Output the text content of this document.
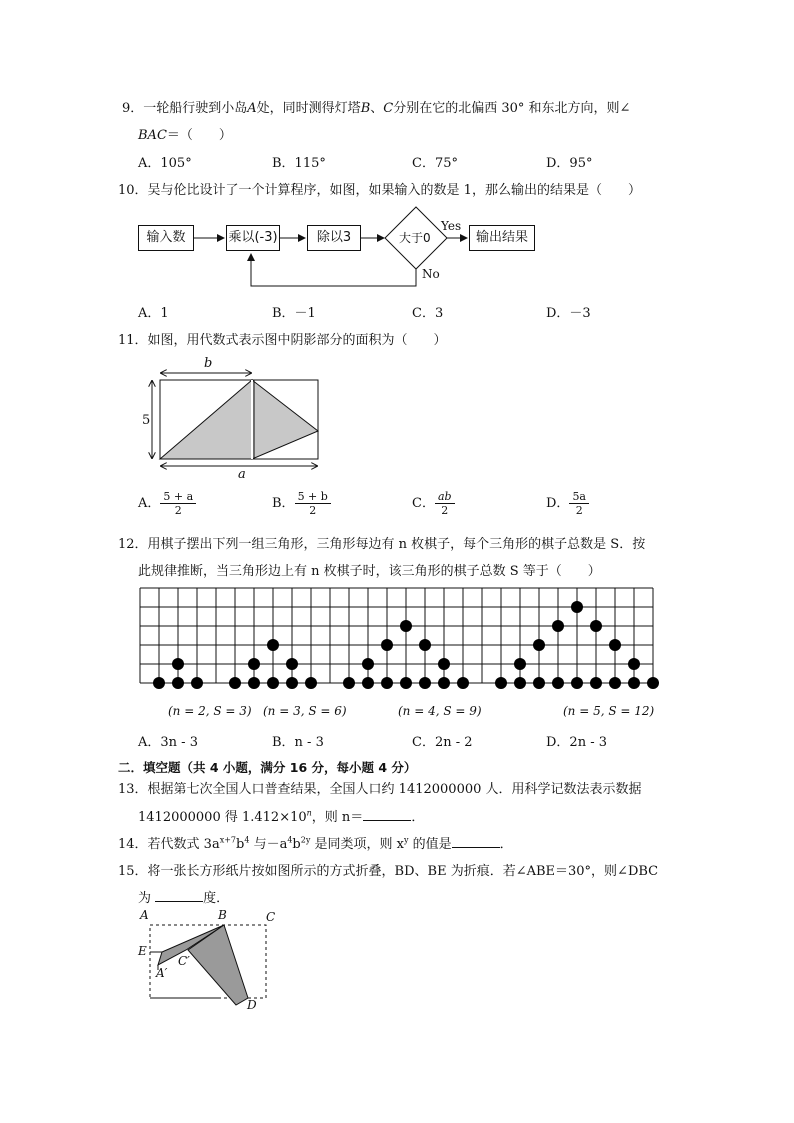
9．一轮船行驶到小岛A处，同时测得灯塔B、C分别在它的北偏西 30° 和东北方向，则∠
BAC＝（　　）
A．105°	B．115°	C．75°	D．95°
10．吴与伦比设计了一个计算程序，如图，如果输入的数是 1，那么输出的结果是（　　）
输入数	乘以(-3)	除以3	大于0	输出结果
Yes
No
A．1	B．－1	C．3	D．－3
11．如图，用代数式表示图中阴影部分的面积为（　　）
b
5
a
A． $\frac{5 + a}{2}$	B． $\frac{5 + b}{2}$	C． $\frac{ab}{2}$	D． $\frac{5a}{2}$
12．用棋子摆出下列一组三角形，三角形每边有 n 枚棋子，每个三角形的棋子总数是 S．按
此规律推断，当三角形边上有 n 枚棋子时，该三角形的棋子总数 S 等于（　　）
(n = 2, S = 3) (n = 3, S = 6)	(n = 4, S = 9)	(n = 5, S = 12)
A．3n - 3	B．n - 3	C．2n - 2	D．2n - 3
二．填空题（共 4 小题，满分 16 分，每小题 4 分）
13．根据第七次全国人口普查结果，全国人口约 1412000000 人．用科学记数法表示数据
1412000000 得 $1.412\times 10^n$，则 n＝	．
14．若代数式 $3a^{x+7}b^4$ 与$-a^4b^{2y}$ 是同类项，则 $x^y$ 的值是	．
15．将一张长方形纸片按如图所示的方式折叠，BD、BE 为折痕．若∠ABE＝30°，则∠DBC
为	度．
A	B	C
E
C′
A′
D
